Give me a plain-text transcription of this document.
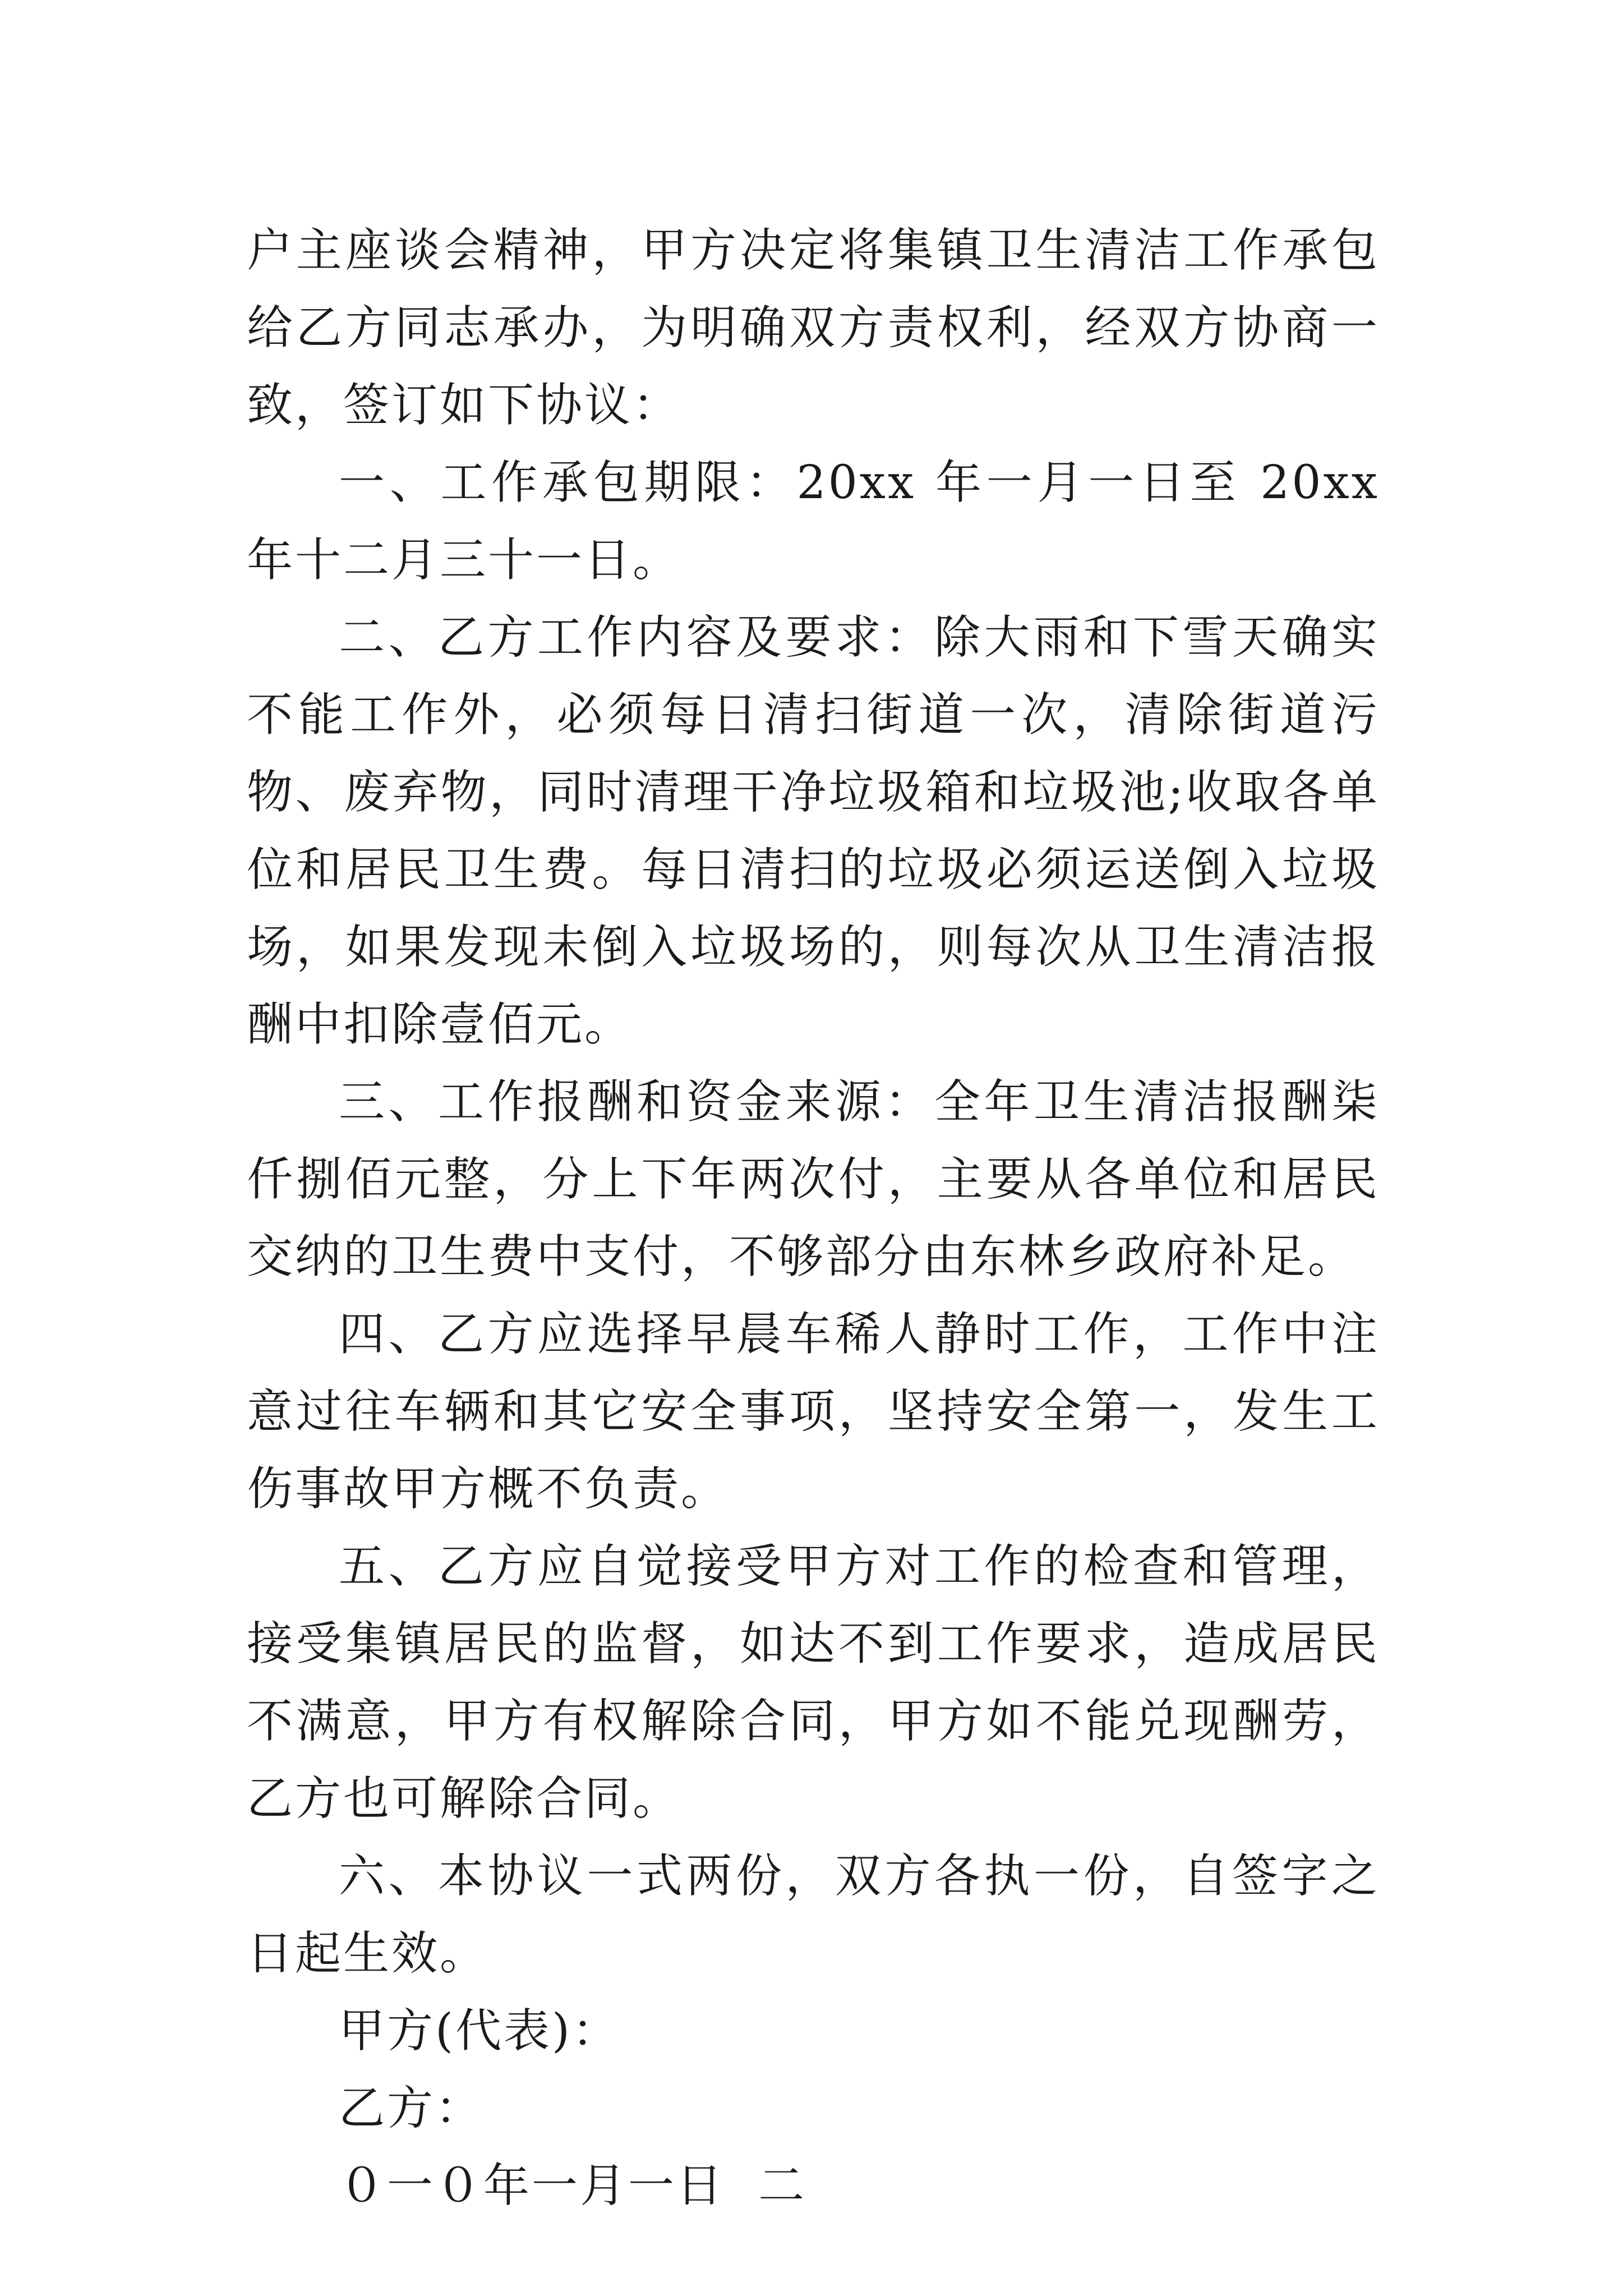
户主座谈会精神，甲方决定将集镇卫生清洁工作承包给乙方同志承办，为明确双方责权利，经双方协商一致，签订如下协议：

一、工作承包期限：20xx 年一月一日至 20xx 年十二月三十一日。

二、乙方工作内容及要求：除大雨和下雪天确实不能工作外，必须每日清扫街道一次，清除街道污物、废弃物，同时清理干净垃圾箱和垃圾池;收取各单位和居民卫生费。每日清扫的垃圾必须运送倒入垃圾场，如果发现未倒入垃圾场的，则每次从卫生清洁报酬中扣除壹佰元。

三、工作报酬和资金来源：全年卫生清洁报酬柒仟捌佰元整，分上下年两次付，主要从各单位和居民交纳的卫生费中支付，不够部分由东林乡政府补足。

四、乙方应选择早晨车稀人静时工作，工作中注意过往车辆和其它安全事项，坚持安全第一，发生工伤事故甲方概不负责。

五、乙方应自觉接受甲方对工作的检查和管理，接受集镇居民的监督，如达不到工作要求，造成居民不满意，甲方有权解除合同，甲方如不能兑现酬劳，乙方也可解除合同。

六、本协议一式两份，双方各执一份，自签字之日起生效。

甲方(代表)：

乙方：

０一０年一月一日  二
